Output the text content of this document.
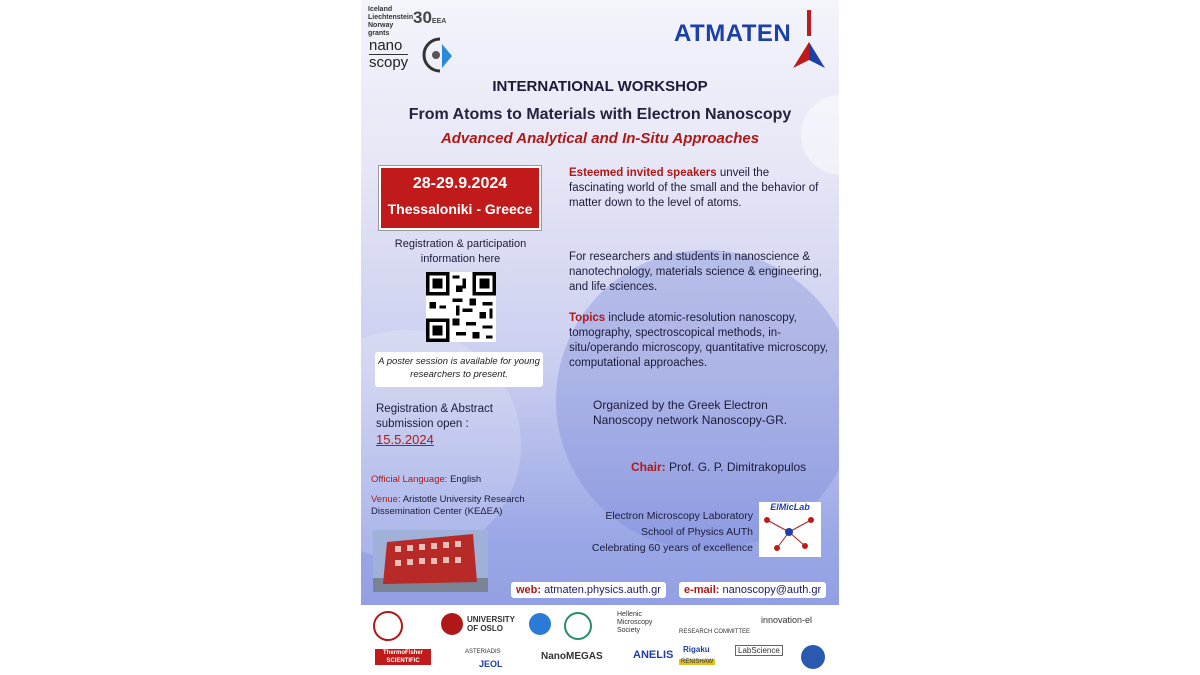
Iceland Liechtenstein Norway grants
30EEA
nano
scopy
ATMATEN
INTERNATIONAL WORKSHOP
From Atoms to Materials with Electron Nanoscopy
Advanced Analytical and In-Situ Approaches
28-29.9.2024
Thessaloniki - Greece
Registration & participation information here
A poster session is available for young researchers to present.
Registration & Abstract submission open :
15.5.2024
Official Language: English
Venue: Aristotle University Research Dissemination Center (ΚΕΔΕΑ)
Esteemed invited speakers unveil the fascinating world of the small and the behavior of matter down to the level of atoms.
For researchers and students in nanoscience & nanotechnology, materials science & engineering, and life sciences.
Topics include atomic-resolution nanoscopy, tomography, spectroscopical methods, in-situ/operando microscopy, quantitative microscopy, computational approaches.
Organized by the Greek Electron Nanoscopy network Nanoscopy-GR.
Chair: Prof. G. P. Dimitrakopulos
Electron Microscopy Laboratory
School of Physics AUTh
Celebrating 60 years of excellence
ElMicLab
web: atmaten.physics.auth.gr	e-mail: nanoscopy@auth.gr
UNIVERSITY OF OSLO
Hellenic Microscopy Society	RESEARCH COMMITTEE
innovation-el
ThermoFisher SCIENTIFIC
ASTERIADIS
JEOL
NanoMEGAS	ANELIS Rigaku
RENISHAW
LabScience
